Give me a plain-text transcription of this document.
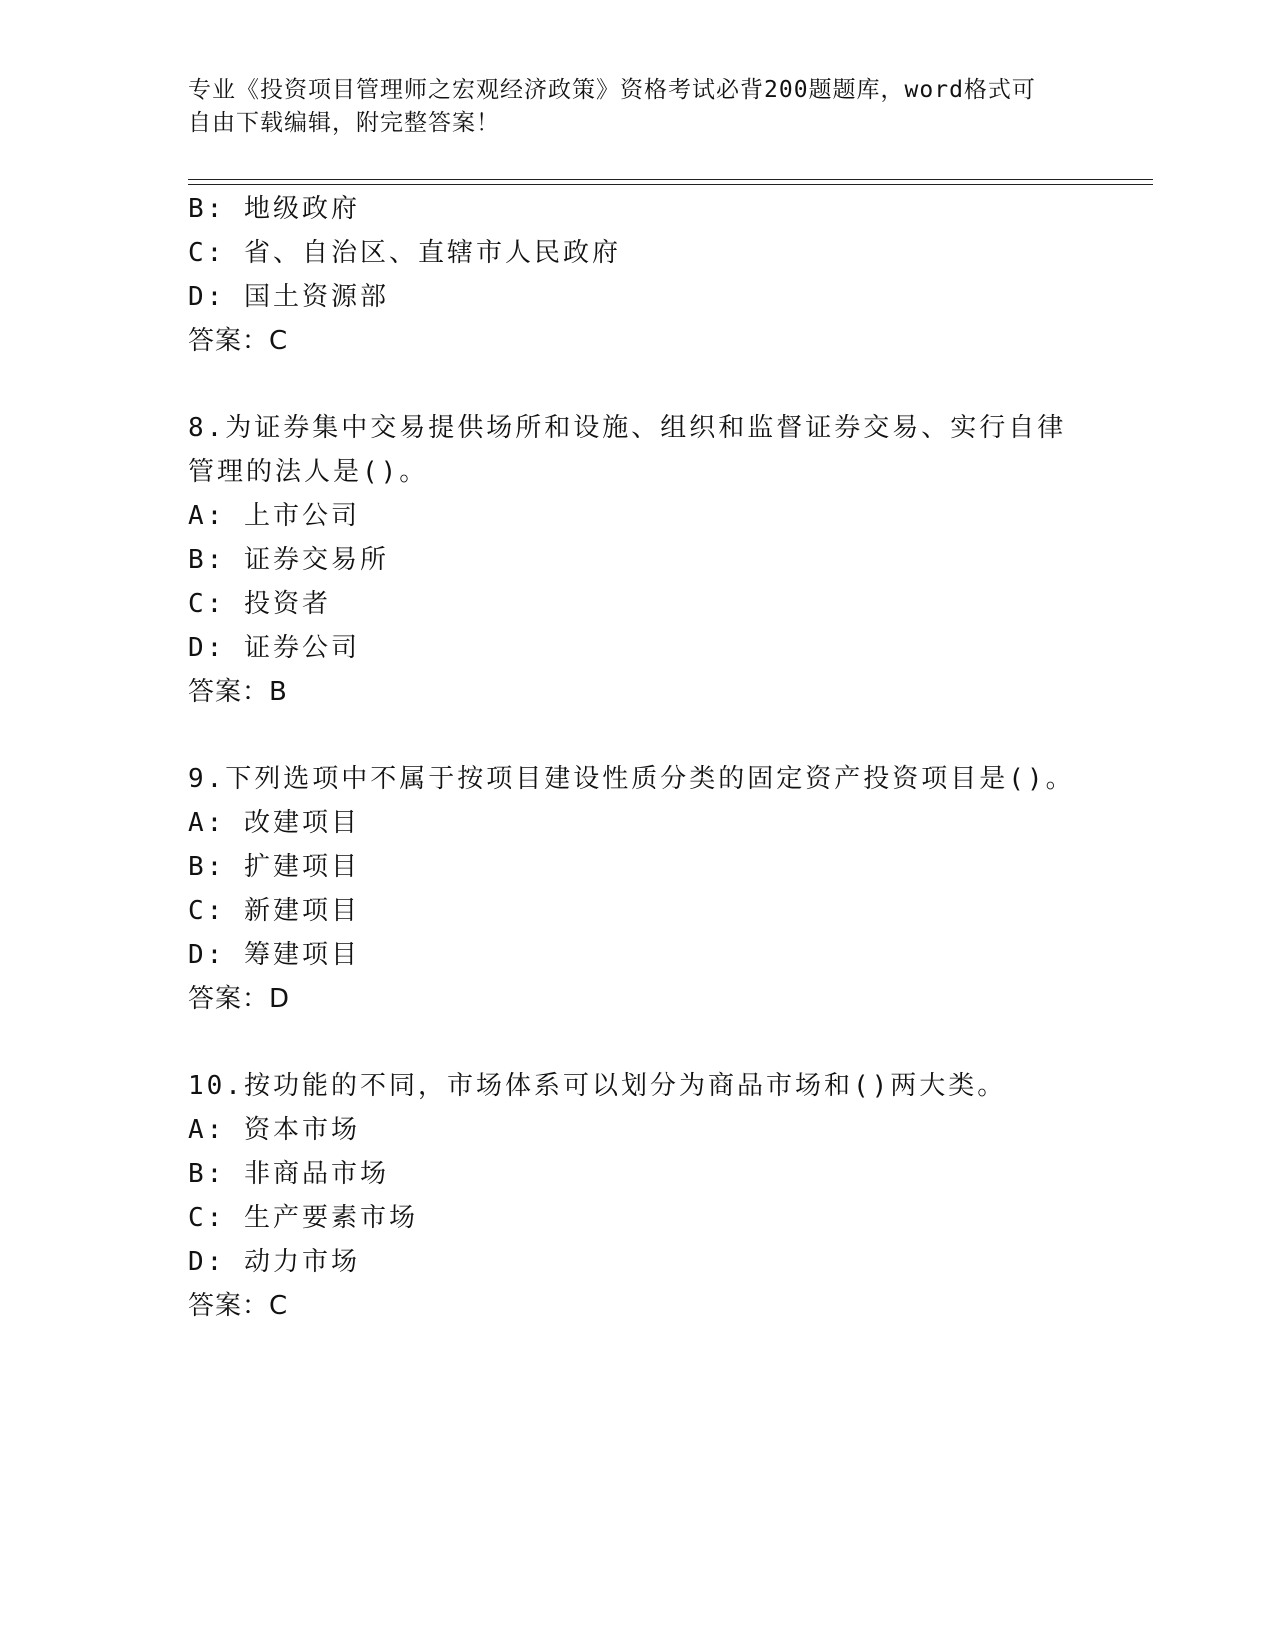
专业《投资项目管理师之宏观经济政策》资格考试必背200题题库，word格式可
自由下载编辑，附完整答案！
B: 地级政府
C: 省、自治区、直辖市人民政府
D: 国土资源部
答案：C
8.为证券集中交易提供场所和设施、组织和监督证券交易、实行自律
管理的法人是()。
A: 上市公司
B: 证券交易所
C: 投资者
D: 证券公司
答案：B
9.下列选项中不属于按项目建设性质分类的固定资产投资项目是()。
A: 改建项目
B: 扩建项目
C: 新建项目
D: 筹建项目
答案：D
10.按功能的不同，市场体系可以划分为商品市场和()两大类。
A: 资本市场
B: 非商品市场
C: 生产要素市场
D: 动力市场
答案：C
